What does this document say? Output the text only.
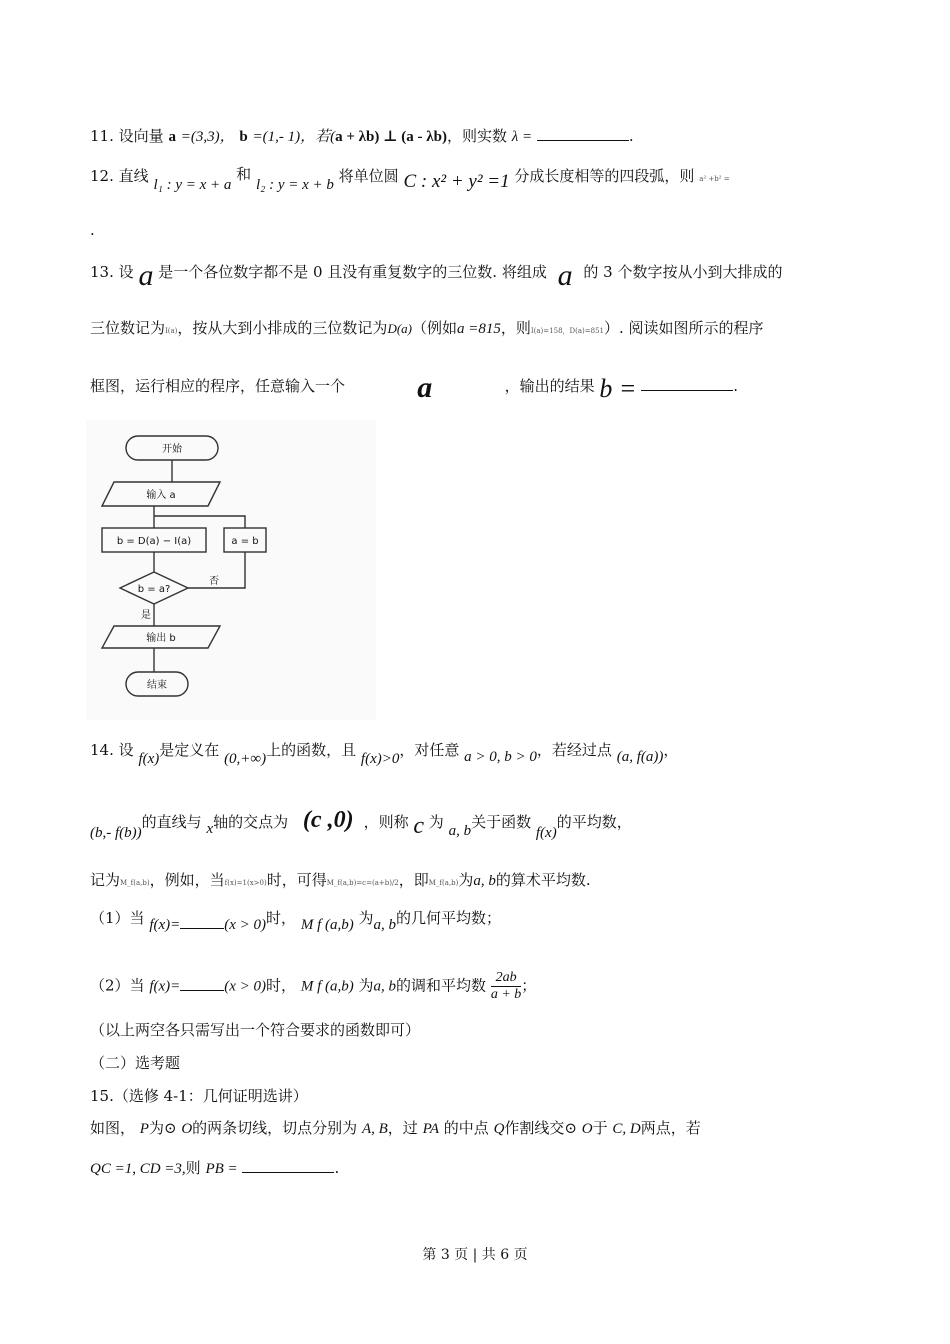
11. 设向量 a =(3,3)， b =(1,- 1)，若(a + λb) ⊥ (a - λb)，则实数 λ =	.
12. 直线 l₁ : y = x + a 和 l₂ : y = x + b 将单位圆 C : x² + y² =1 分成长度相等的四段弧，则 a² +b² =
.
13. 设 a 是一个各位数字都不是 0 且没有重复数字的三位数. 将组成 a 的 3 个数字按从小到大排成的
三位数记为I(a)，按从大到小排成的三位数记为D(a)（例如a =815，则I(a)=158，D(a)=851）. 阅读如图所示的程序
框图，运行相应的程序，任意输入一个 a	，输出的结果 b =	.
开始
输入 a
b = D(a) − I(a)	a = b
b = a?
否
是
输出 b
结束
14. 设 f(x)是定义在 (0,+∞)上的函数，且 f(x)>0，对任意 a > 0, b > 0，若经过点 (a, f(a))，
(b,- f(b))的直线与 x轴的交点为 (c ,0) ，则称 c 为 a, b关于函数 f(x)的平均数，
记为M_f(a,b)，例如，当f(x)=1(x>0)时，可得M_f(a,b)=c=(a+b)/2，即M_f(a,b)为a, b的算术平均数.
（1）当 f(x)=	(x > 0)时， M f (a,b) 为a, b的几何平均数；
（2）当 f(x)=	(x > 0)时， M f (a,b) 为a, b的调和平均数 $\frac{2ab}{a + b}$ ；
（以上两空各只需写出一个符合要求的函数即可）
（二）选考题
15.（选修 4-1：几何证明选讲）
如图， P为⊙ O的两条切线，切点分别为 A, B，过 PA 的中点 Q作割线交⊙ O于 C, D两点，若
QC =1, CD =3,则 PB =	.
第 3 页 | 共 6 页
